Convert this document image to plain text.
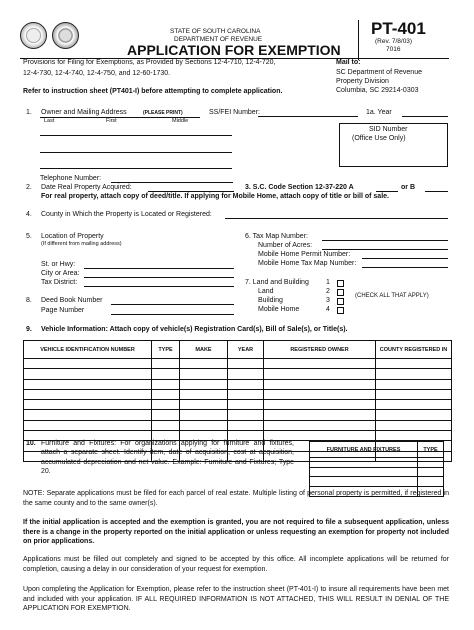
STATE OF SOUTH CAROLINA
DEPARTMENT OF REVENUE
APPLICATION FOR EXEMPTION
PT-401
(Rev. 7/8/03)
7016
Provisions for Filing for Exemptions, as Provided by Sections 12-4-710, 12-4-720,
12-4-730, 12-4-740, 12-4-750, and 12-60-1730.
Mail to:
SC Department of Revenue
Property Division
Columbia, SC 29214-0303
Refer to instruction sheet (PT401-I) before attempting to complete application.
1. Owner and Mailing Address	(PLEASE PRINT)	SS/FEI Number:	1a. Year
Last	First	Middle
SID Number
(Office Use Only)
Telephone Number:
2. Date Real Property Acquired:	3. S.C. Code Section 12-37-220 A	or B
For real property, attach copy of deed/title. If applying for Mobile Home, attach copy of title or bill of sale.
4. County in Which the Property is Located or Registered:
5. Location of Property
(If different from mailing address)
St. or Hwy:
City or Area:
Tax District:
6. Tax Map Number:
Number of Acres:
Mobile Home Permit Number:
Mobile Home Tax Map Number:
7. Land and Building 1
Land	2
Building	3
Mobile Home	4
(CHECK ALL THAT APPLY)
8. Deed Book Number
Page Number
9. Vehicle Information: Attach copy of vehicle(s) Registration Card(s), Bill of Sale(s), or Title(s).
VEHICLE IDENTIFICATION NUMBER	TYPE	MAKE	YEAR	REGISTERED OWNER	COUNTY REGISTERED IN

10. Furniture and Fixtures: For organizations applying for furniture and fixtures, attach a separate sheet. Identify item, date of acquisition, cost at acquisition, accumulated depreciation and net value. Example: Furniture and Fixtures; Type 20.
FURNITURE AND FIXTURES	TYPE

NOTE: Separate applications must be filed for each parcel of real estate. Multiple listing of personal property is permitted, if registered in the same county and to the same owner(s).
If the initial application is accepted and the exemption is granted, you are not required to file a subsequent application, unless there is a change in the property reported on the initial application or unless requesting an exemption for property not included on prior applications.
Applications must be filled out completely and signed to be accepted by this office. All incomplete applications will be returned for completion, causing a delay in our consideration of your request for exemption.
Upon completing the Application for Exemption, please refer to the instruction sheet (PT-401-I) to insure all requirements have been met and included with your application. IF ALL REQUIRED INFORMATION IS NOT ATTACHED, THIS WILL RESULT IN DENIAL OF THE APPLICATION FOR EXEMPTION.
